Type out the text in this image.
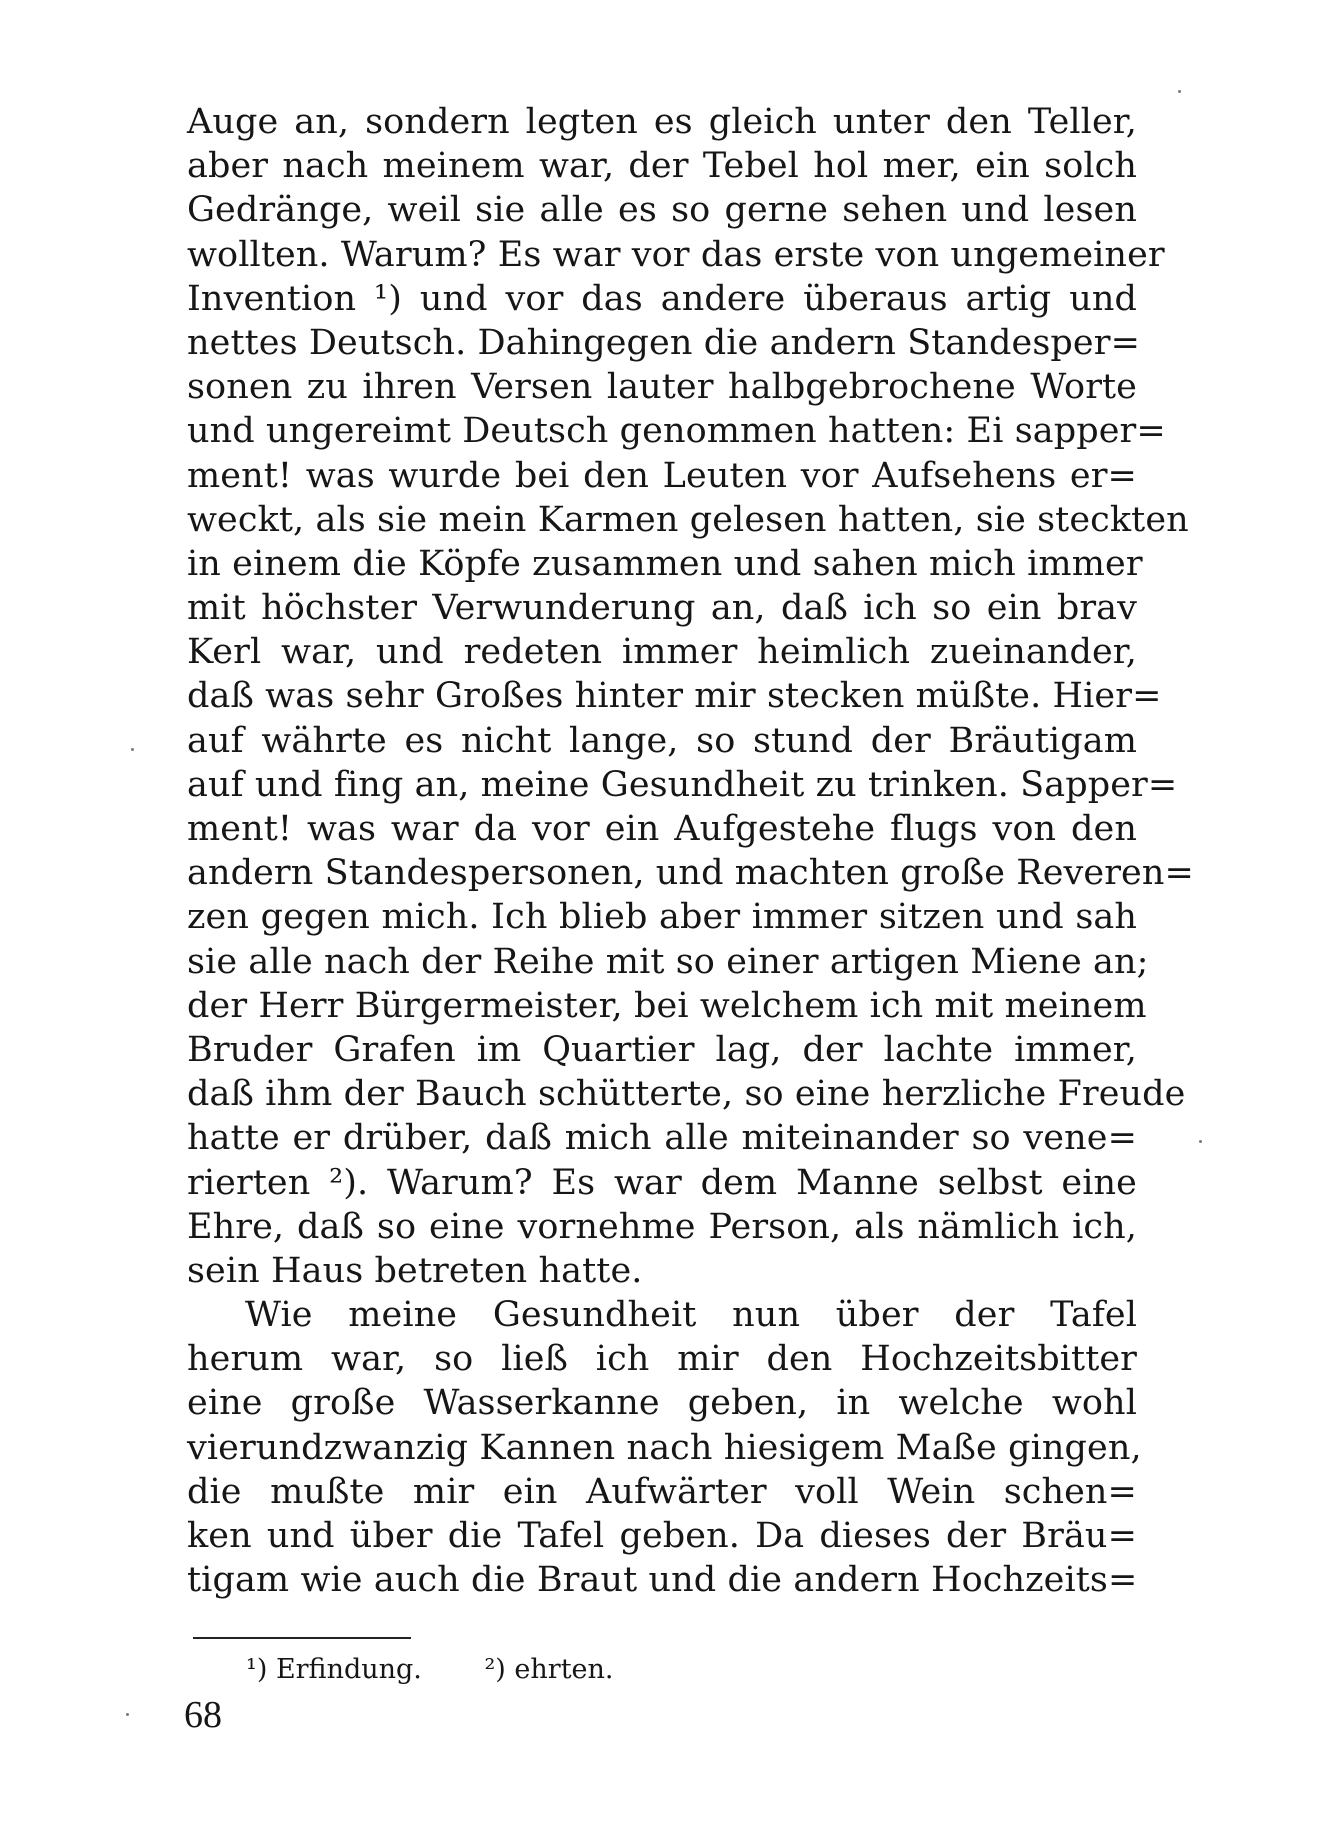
Auge an, sondern legten es gleich unter den Teller,
aber nach meinem war, der Tebel hol mer, ein solch
Gedränge, weil sie alle es so gerne sehen und lesen
wollten. Warum? Es war vor das erste von ungemeiner
Invention ¹) und vor das andere überaus artig und
nettes Deutsch. Dahingegen die andern Standesper=
sonen zu ihren Versen lauter halbgebrochene Worte
und ungereimt Deutsch genommen hatten: Ei sapper=
ment! was wurde bei den Leuten vor Aufsehens er=
weckt, als sie mein Karmen gelesen hatten, sie steckten
in einem die Köpfe zusammen und sahen mich immer
mit höchster Verwunderung an, daß ich so ein brav
Kerl war, und redeten immer heimlich zueinander,
daß was sehr Großes hinter mir stecken müßte. Hier=
auf währte es nicht lange, so stund der Bräutigam
auf und fing an, meine Gesundheit zu trinken. Sapper=
ment! was war da vor ein Aufgestehe flugs von den
andern Standespersonen, und machten große Reveren=
zen gegen mich. Ich blieb aber immer sitzen und sah
sie alle nach der Reihe mit so einer artigen Miene an;
der Herr Bürgermeister, bei welchem ich mit meinem
Bruder Grafen im Quartier lag, der lachte immer,
daß ihm der Bauch schütterte, so eine herzliche Freude
hatte er drüber, daß mich alle miteinander so vene=
rierten ²). Warum? Es war dem Manne selbst eine
Ehre, daß so eine vornehme Person, als nämlich ich,
sein Haus betreten hatte.
Wie meine Gesundheit nun über der Tafel
herum war, so ließ ich mir den Hochzeitsbitter
eine große Wasserkanne geben, in welche wohl
vierundzwanzig Kannen nach hiesigem Maße gingen,
die mußte mir ein Aufwärter voll Wein schen=
ken und über die Tafel geben. Da dieses der Bräu=
tigam wie auch die Braut und die andern Hochzeits=
¹) Erfindung. ²) ehrten.
68
